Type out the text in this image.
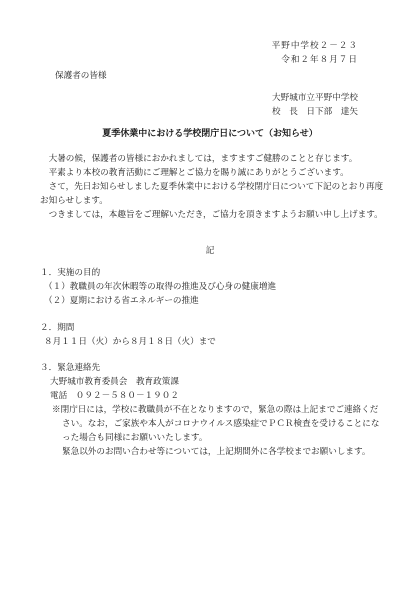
平野中学校２－２３
令和２年８月７日
保護者の皆様
大野城市立平野中学校
校　長　日下部　達矢
夏季休業中における学校閉庁日について（お知らせ）

大暑の候，保護者の皆様におかれましては，ますますご健勝のことと存じます。

平素より本校の教育活動にご理解とご協力を賜り誠にありがとうございます。

さて，先日お知らせしました夏季休業中における学校閉庁日について下記のとおり再度お知らせします。

つきましては，本趣旨をご理解いただき，ご協力を頂きますようお願い申し上げます。

記

１．実施の目的

（１）教職員の年次休暇等の取得の推進及び心身の健康増進

（２）夏期における省エネルギーの推進

２．期間

８月１１日（火）から８月１８日（火）まで

３．緊急連絡先

大野城市教育委員会　教育政策課

電話　０９２－５８０－１９０２

※閉庁日には，学校に教職員が不在となりますので，緊急の際は上記までご連絡ください。なお，ご家族や本人がコロナウイルス感染症でＰＣＲ検査を受けることになった場合も同様にお願いいたします。

緊急以外のお問い合わせ等については，上記期間外に各学校までお願いします。
